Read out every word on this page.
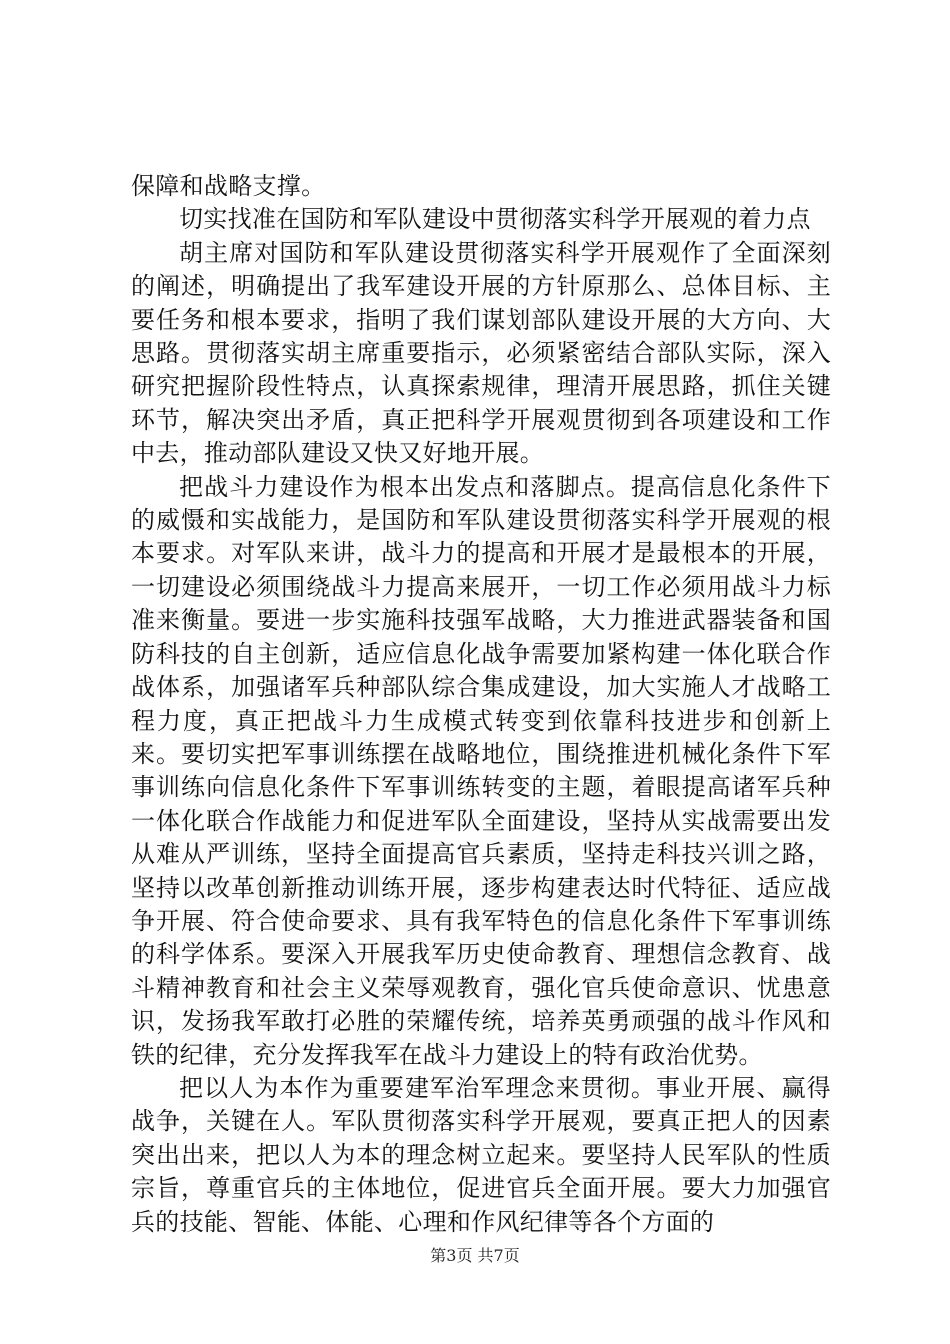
保障和战略支撑。

切实找准在国防和军队建设中贯彻落实科学开展观的着力点

胡主席对国防和军队建设贯彻落实科学开展观作了全面深刻的阐述，明确提出了我军建设开展的方针原那么、总体目标、主要任务和根本要求，指明了我们谋划部队建设开展的大方向、大思路。贯彻落实胡主席重要指示，必须紧密结合部队实际，深入研究把握阶段性特点，认真探索规律，理清开展思路，抓住关键环节，解决突出矛盾，真正把科学开展观贯彻到各项建设和工作中去，推动部队建设又快又好地开展。

把战斗力建设作为根本出发点和落脚点。提高信息化条件下的威慑和实战能力，是国防和军队建设贯彻落实科学开展观的根本要求。对军队来讲，战斗力的提高和开展才是最根本的开展，一切建设必须围绕战斗力提高来展开，一切工作必须用战斗力标准来衡量。要进一步实施科技强军战略，大力推进武器装备和国防科技的自主创新，适应信息化战争需要加紧构建一体化联合作战体系，加强诸军兵种部队综合集成建设，加大实施人才战略工程力度，真正把战斗力生成模式转变到依靠科技进步和创新上来。要切实把军事训练摆在战略地位，围绕推进机械化条件下军事训练向信息化条件下军事训练转变的主题，着眼提高诸军兵种一体化联合作战能力和促进军队全面建设，坚持从实战需要出发从难从严训练，坚持全面提高官兵素质，坚持走科技兴训之路，坚持以改革创新推动训练开展，逐步构建表达时代特征、适应战争开展、符合使命要求、具有我军特色的信息化条件下军事训练的科学体系。要深入开展我军历史使命教育、理想信念教育、战斗精神教育和社会主义荣辱观教育，强化官兵使命意识、忧患意识，发扬我军敢打必胜的荣耀传统，培养英勇顽强的战斗作风和铁的纪律，充分发挥我军在战斗力建设上的特有政治优势。

把以人为本作为重要建军治军理念来贯彻。事业开展、赢得战争，关键在人。军队贯彻落实科学开展观，要真正把人的因素突出出来，把以人为本的理念树立起来。要坚持人民军队的性质宗旨，尊重官兵的主体地位，促进官兵全面开展。要大力加强官兵的技能、智能、体能、心理和作风纪律等各个方面的

第3页 共7页
